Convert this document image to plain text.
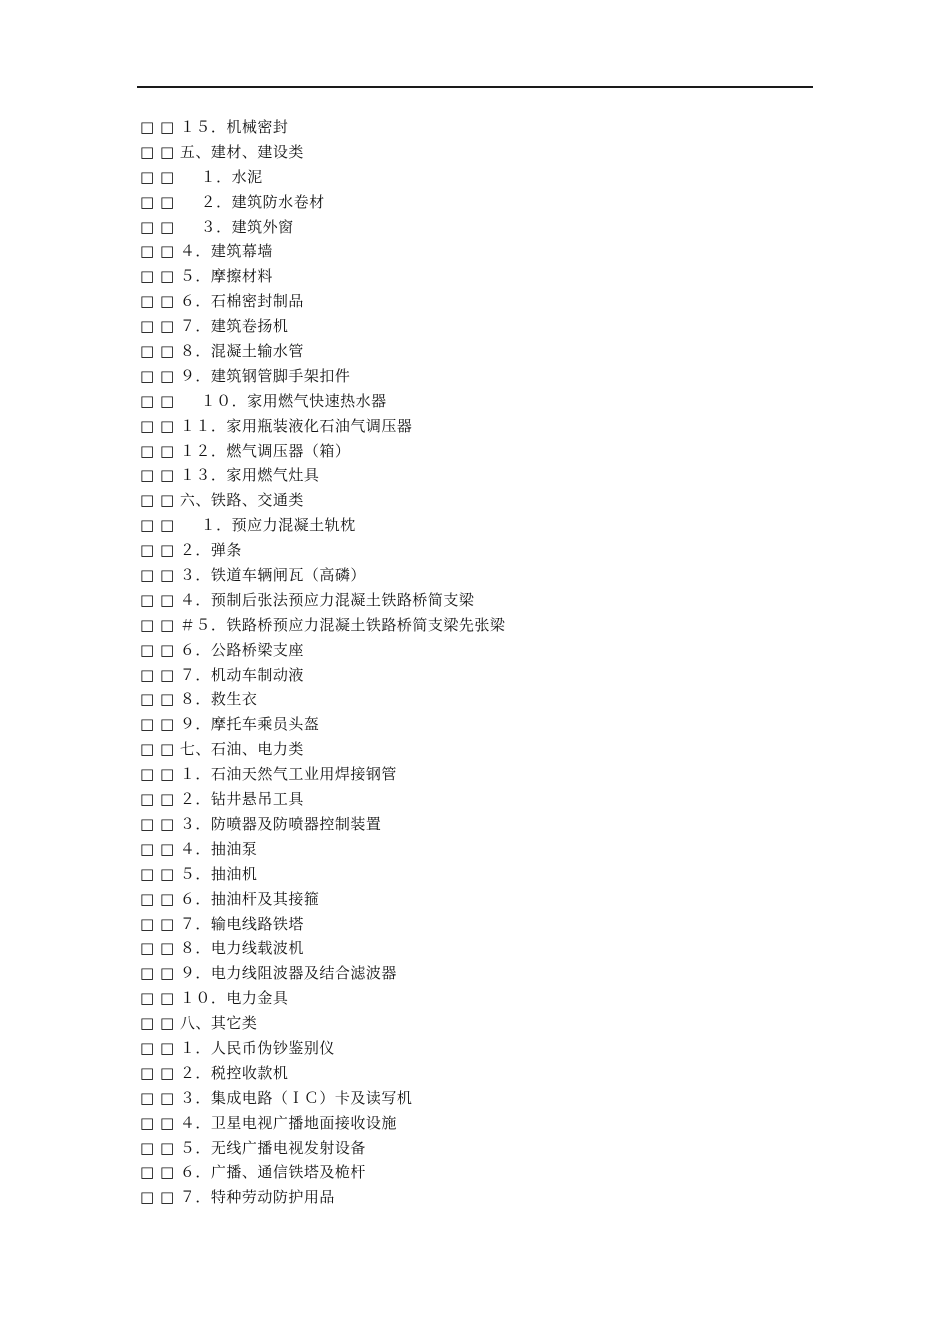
□ □ １５．机械密封
□ □ 五、建材、建设类
□ □ 　 １．水泥
□ □ 　 ２．建筑防水卷材
□ □ 　 ３．建筑外窗
□ □ ４．建筑幕墙
□ □ ５．摩擦材料
□ □ ６．石棉密封制品
□ □ ７．建筑卷扬机
□ □ ８．混凝土输水管
□ □ ９．建筑钢管脚手架扣件
□ □ 　 １０．家用燃气快速热水器
□ □ １１．家用瓶装液化石油气调压器
□ □ １２．燃气调压器（箱）
□ □ １３．家用燃气灶具
□ □ 六、铁路、交通类
□ □ 　 １．预应力混凝土轨枕
□ □ ２．弹条
□ □ ３．铁道车辆闸瓦（高磷）
□ □ ４．预制后张法预应力混凝土铁路桥简支梁
□ □ ＃５．铁路桥预应力混凝土铁路桥简支梁先张梁
□ □ ６．公路桥梁支座
□ □ ７．机动车制动液
□ □ ８．救生衣
□ □ ９．摩托车乘员头盔
□ □ 七、石油、电力类
□ □ １．石油天然气工业用焊接钢管
□ □ ２．钻井悬吊工具
□ □ ３．防喷器及防喷器控制装置
□ □ ４．抽油泵
□ □ ５．抽油机
□ □ ６．抽油杆及其接箍
□ □ ７．输电线路铁塔
□ □ ８．电力线载波机
□ □ ９．电力线阻波器及结合滤波器
□ □ １０．电力金具
□ □ 八、其它类
□ □ １．人民币伪钞鉴别仪
□ □ ２．税控收款机
□ □ ３．集成电路（ＩＣ）卡及读写机
□ □ ４．卫星电视广播地面接收设施
□ □ ５．无线广播电视发射设备
□ □ ６．广播、通信铁塔及桅杆
□ □ ７．特种劳动防护用品
